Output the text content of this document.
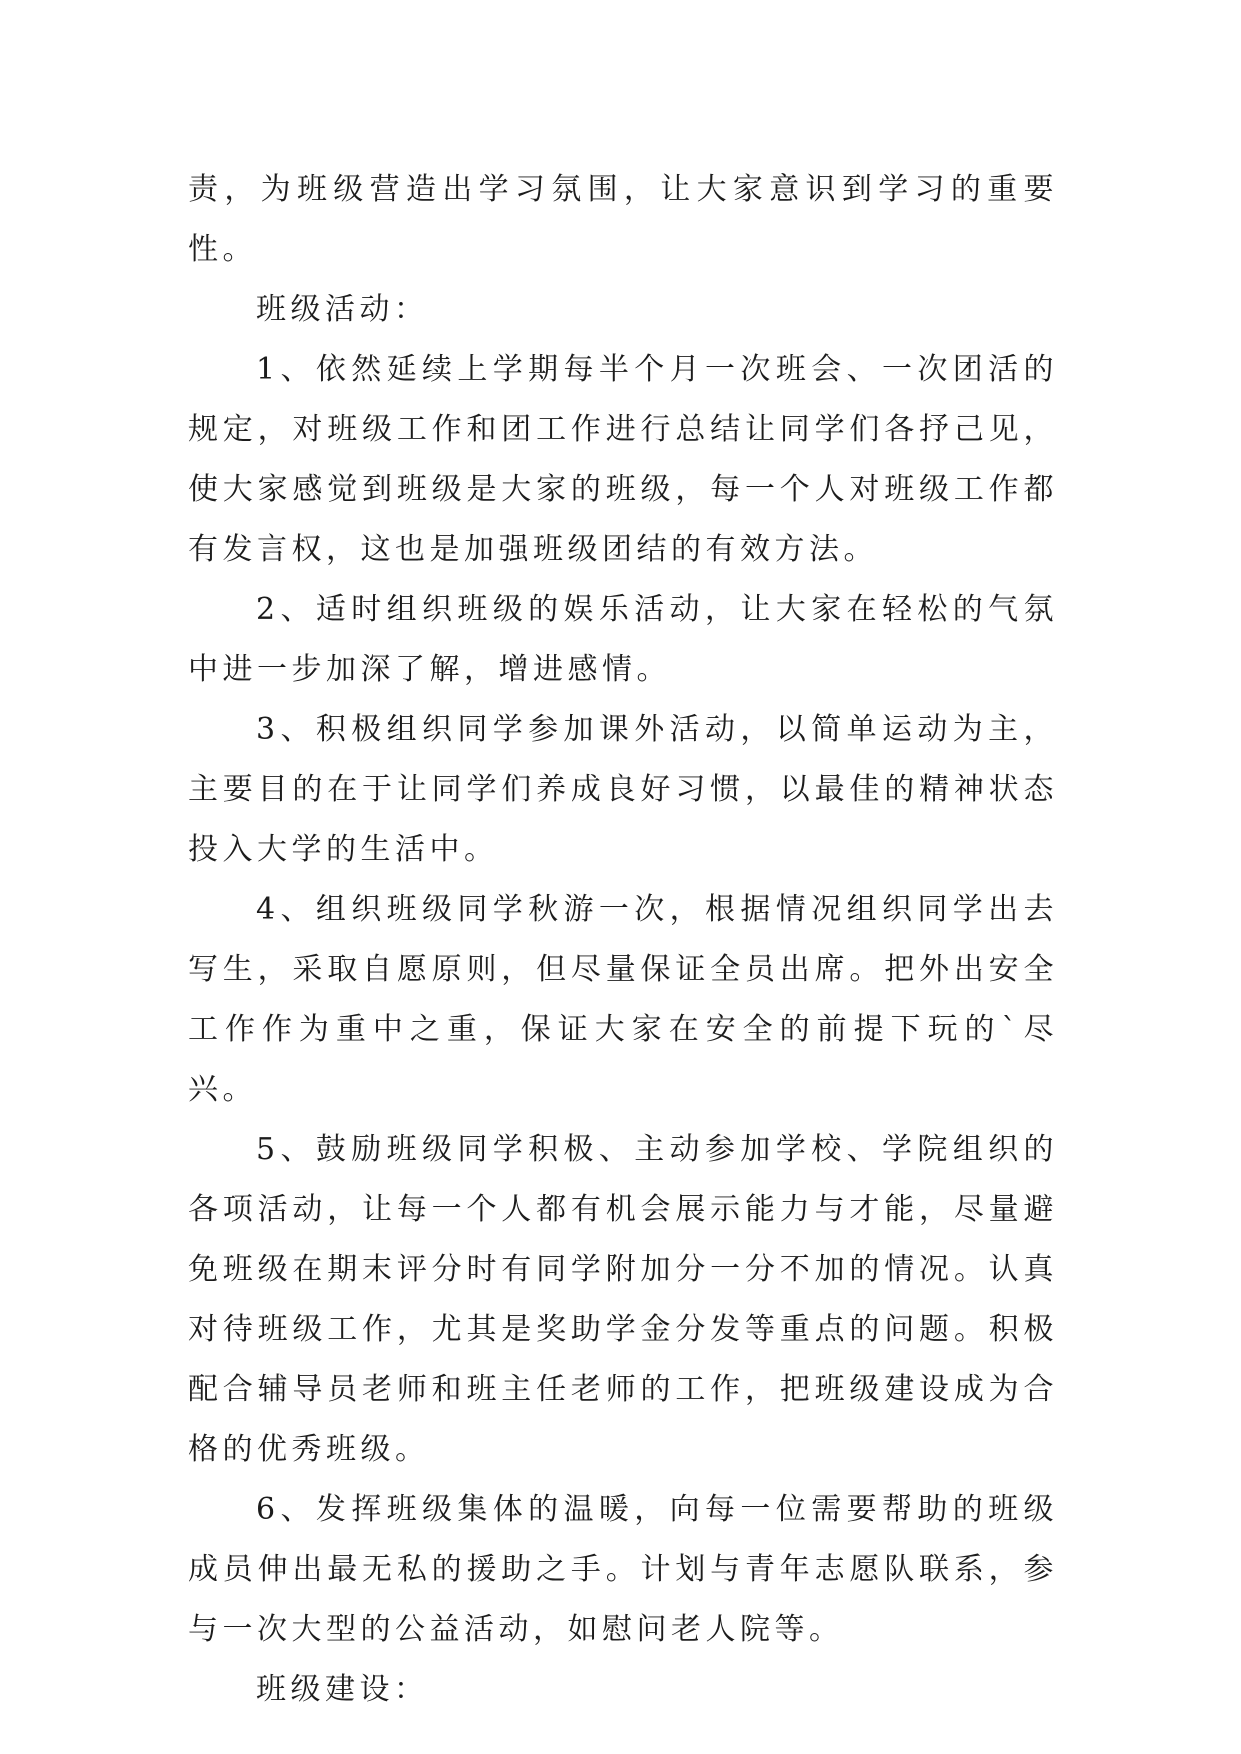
责，为班级营造出学习氛围，让大家意识到学习的重要性。

班级活动：

1、依然延续上学期每半个月一次班会、一次团活的规定，对班级工作和团工作进行总结让同学们各抒己见，使大家感觉到班级是大家的班级，每一个人对班级工作都有发言权，这也是加强班级团结的有效方法。

2、适时组织班级的娱乐活动，让大家在轻松的气氛中进一步加深了解，增进感情。

3、积极组织同学参加课外活动，以简单运动为主，主要目的在于让同学们养成良好习惯，以最佳的精神状态投入大学的生活中。

4、组织班级同学秋游一次，根据情况组织同学出去写生，采取自愿原则，但尽量保证全员出席。把外出安全工作作为重中之重，保证大家在安全的前提下玩的`尽兴。

5、鼓励班级同学积极、主动参加学校、学院组织的各项活动，让每一个人都有机会展示能力与才能，尽量避免班级在期末评分时有同学附加分一分不加的情况。认真对待班级工作，尤其是奖助学金分发等重点的问题。积极配合辅导员老师和班主任老师的工作，把班级建设成为合格的优秀班级。

6、发挥班级集体的温暖，向每一位需要帮助的班级成员伸出最无私的援助之手。计划与青年志愿队联系，参与一次大型的公益活动，如慰问老人院等。

班级建设：
